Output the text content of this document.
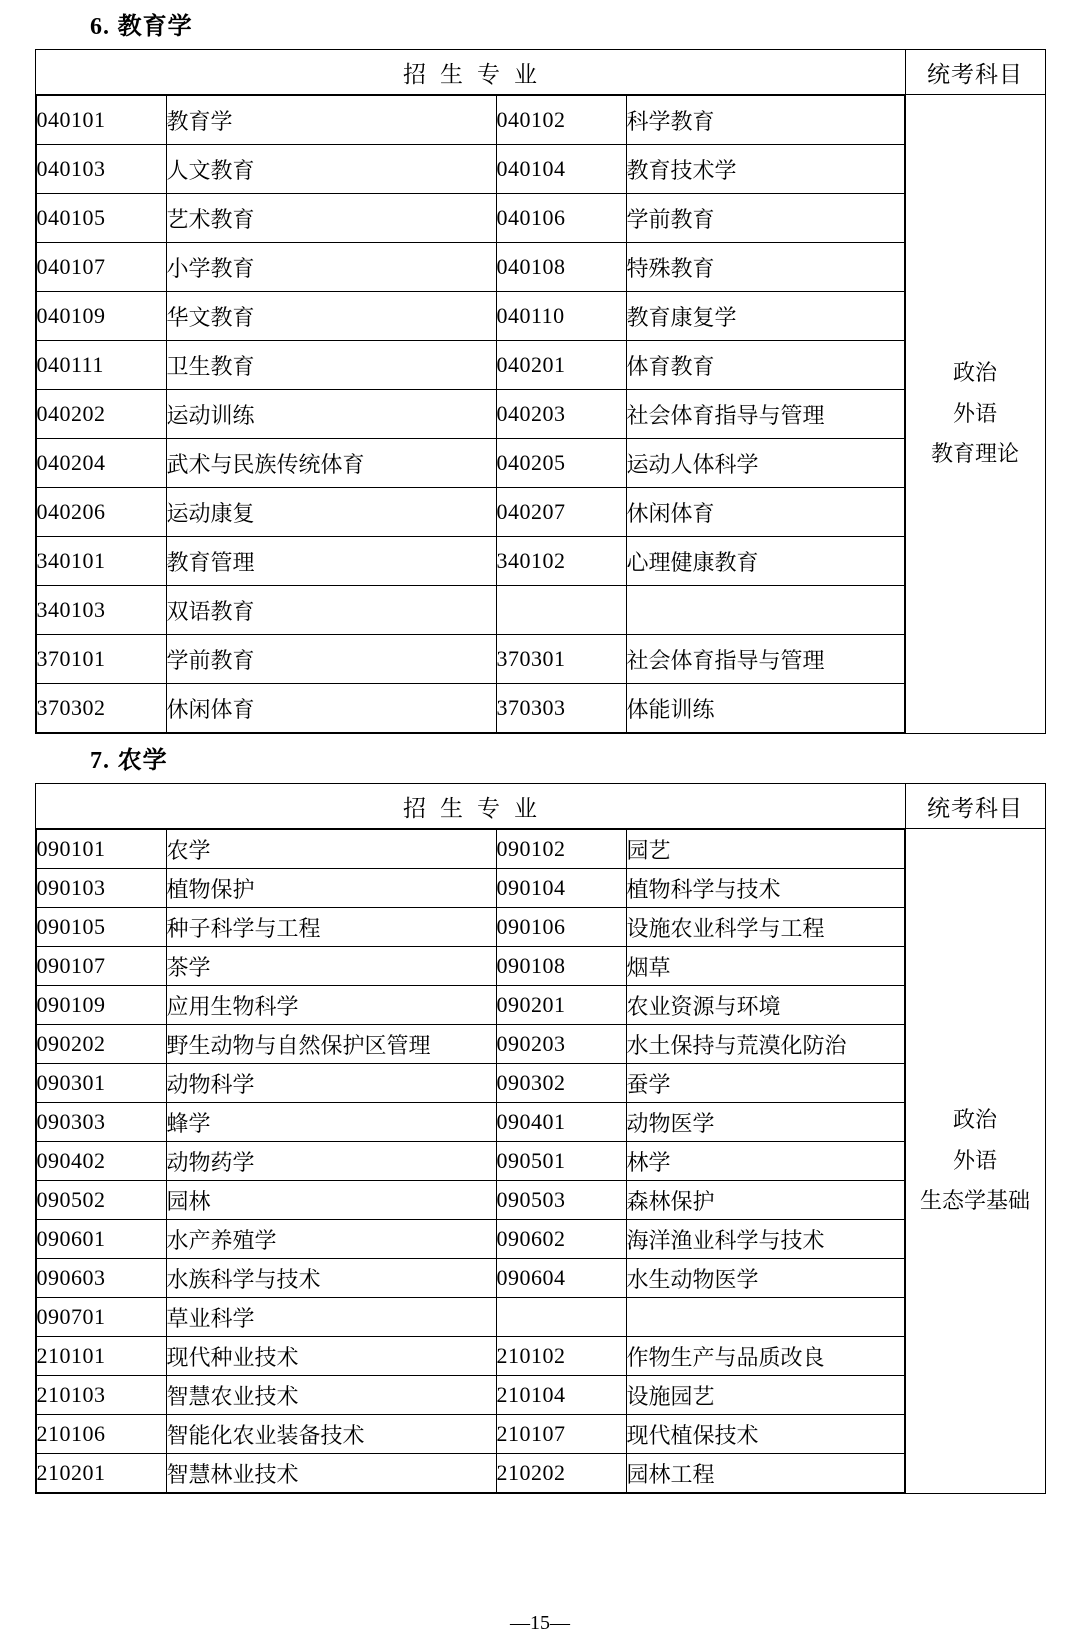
6. 教育学
招生专业	统考科目

040101	教育学	040102	科学教育
040103	人文教育	040104	教育技术学
040105	艺术教育	040106	学前教育
040107	小学教育	040108	特殊教育
040109	华文教育	040110	教育康复学
040111	卫生教育	040201	体育教育
040202	运动训练	040203	社会体育指导与管理
040204	武术与民族传统体育	040205	运动人体科学
040206	运动康复	040207	休闲体育
340101	教育管理	340102	心理健康教育
340103	双语教育		
370101	学前教育	370301	社会体育指导与管理
370302	休闲体育	370303	体能训练

政治
外语
教育理论
7. 农学
招生专业	统考科目

090101	农学	090102	园艺
090103	植物保护	090104	植物科学与技术
090105	种子科学与工程	090106	设施农业科学与工程
090107	茶学	090108	烟草
090109	应用生物科学	090201	农业资源与环境
090202	野生动物与自然保护区管理	090203	水土保持与荒漠化防治
090301	动物科学	090302	蚕学
090303	蜂学	090401	动物医学
090402	动物药学	090501	林学
090502	园林	090503	森林保护
090601	水产养殖学	090602	海洋渔业科学与技术
090603	水族科学与技术	090604	水生动物医学
090701	草业科学		
210101	现代种业技术	210102	作物生产与品质改良
210103	智慧农业技术	210104	设施园艺
210106	智能化农业装备技术	210107	现代植保技术
210201	智慧林业技术	210202	园林工程

政治
外语
生态学基础
—15—
